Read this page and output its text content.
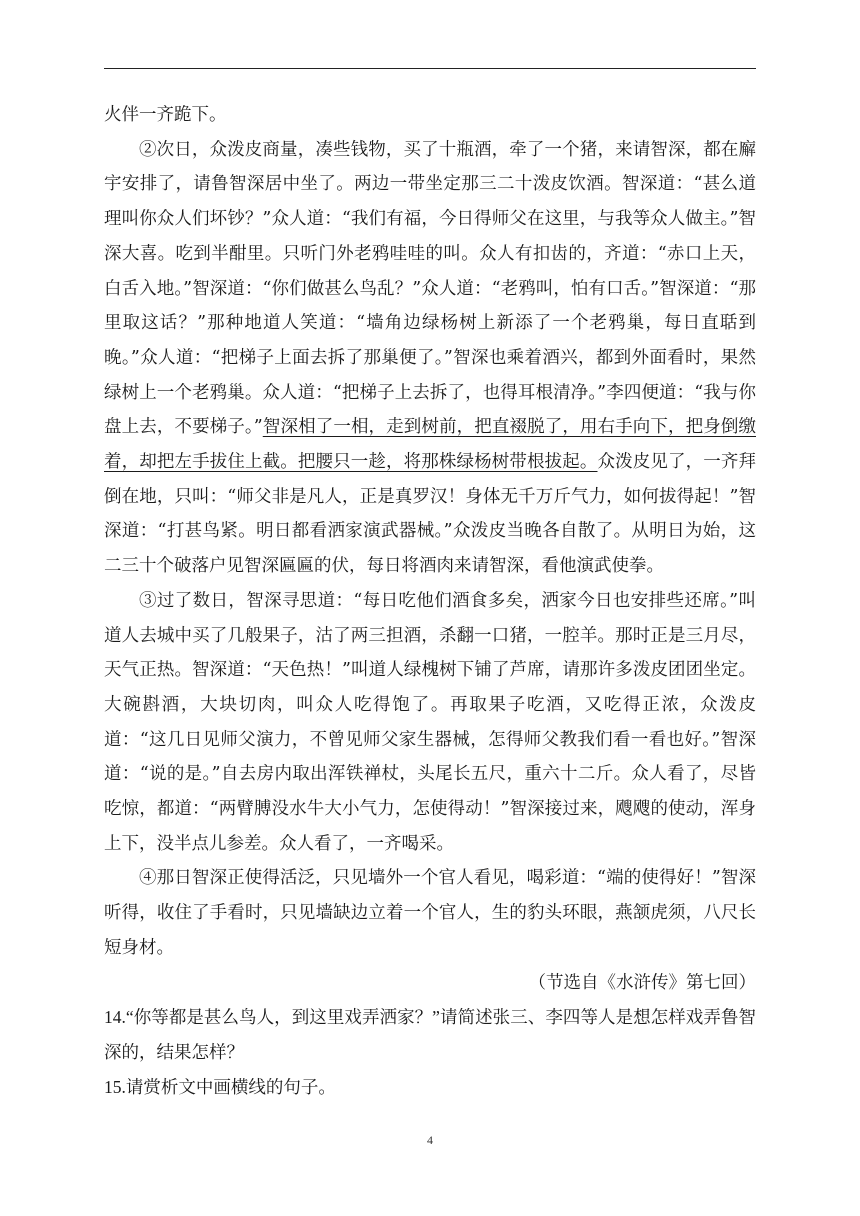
火伴一齐跪下。

②次日，众泼皮商量，凑些钱物，买了十瓶酒，牵了一个猪，来请智深，都在廨宇安排了，请鲁智深居中坐了。两边一带坐定那三二十泼皮饮酒。智深道：“甚么道理叫你众人们坏钞？”众人道：“我们有福，今日得师父在这里，与我等众人做主。”智深大喜。吃到半酣里。只听门外老鸦哇哇的叫。众人有扣齿的，齐道：“赤口上天，白舌入地。”智深道：“你们做甚么鸟乱？”众人道：“老鸦叫，怕有口舌。”智深道：“那里取这话？”那种地道人笑道：“墙角边绿杨树上新添了一个老鸦巢，每日直聒到晚。”众人道：“把梯子上面去拆了那巢便了。”智深也乘着酒兴，都到外面看时，果然绿树上一个老鸦巢。众人道：“把梯子上去拆了，也得耳根清净。”李四便道：“我与你盘上去，不要梯子。”智深相了一相，走到树前，把直裰脱了，用右手向下，把身倒缴着，却把左手拔住上截。把腰只一趁，将那株绿杨树带根拔起。众泼皮见了，一齐拜倒在地，只叫：“师父非是凡人，正是真罗汉！身体无千万斤气力，如何拔得起！”智深道：“打甚鸟紧。明日都看洒家演武器械。”众泼皮当晚各自散了。从明日为始，这二三十个破落户见智深匾匾的伏，每日将酒肉来请智深，看他演武使拳。

③过了数日，智深寻思道：“每日吃他们酒食多矣，洒家今日也安排些还席。”叫道人去城中买了几般果子，沽了两三担酒，杀翻一口猪，一腔羊。那时正是三月尽，天气正热。智深道：“天色热！”叫道人绿槐树下铺了芦席，请那许多泼皮团团坐定。大碗斟酒，大块切肉，叫众人吃得饱了。再取果子吃酒，又吃得正浓，众泼皮道：“这几日见师父演力，不曾见师父家生器械，怎得师父教我们看一看也好。”智深道：“说的是。”自去房内取出浑铁禅杖，头尾长五尺，重六十二斤。众人看了，尽皆吃惊，都道：“两臂膊没水牛大小气力，怎使得动！”智深接过来，飕飕的使动，浑身上下，没半点儿参差。众人看了，一齐喝采。

④那日智深正使得活泛，只见墙外一个官人看见，喝彩道：“端的使得好！”智深听得，收住了手看时，只见墙缺边立着一个官人，生的豹头环眼，燕颔虎须，八尺长短身材。

（节选自《水浒传》第七回）

14.“你等都是甚么鸟人，到这里戏弄洒家？”请简述张三、李四等人是想怎样戏弄鲁智深的，结果怎样？

15.请赏析文中画横线的句子。

4
